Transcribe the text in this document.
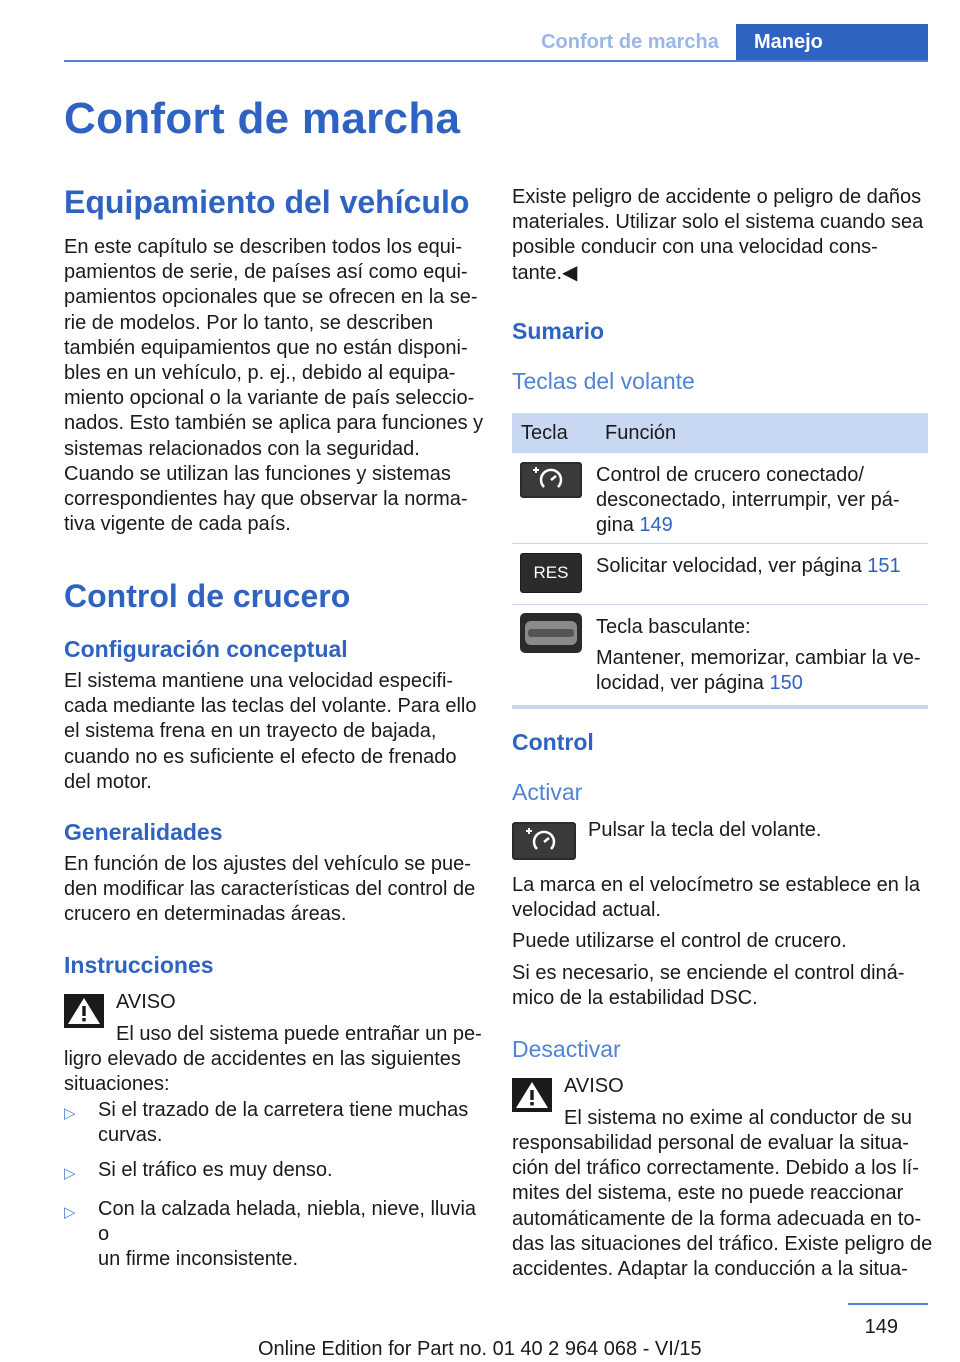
Confort de marcha	Manejo
Confort de marcha
Equipamiento del vehículo
En este capítulo se describen todos los equi‐
pamientos de serie, de países así como equi‐
pamientos opcionales que se ofrecen en la se‐
rie de modelos. Por lo tanto, se describen
también equipamientos que no están disponi‐
bles en un vehículo, p. ej., debido al equipa‐
miento opcional o la variante de país seleccio‐
nados. Esto también se aplica para funciones y
sistemas relacionados con la seguridad.
Cuando se utilizan las funciones y sistemas
correspondientes hay que observar la norma‐
tiva vigente de cada país.
Control de crucero
Configuración conceptual
El sistema mantiene una velocidad especifi‐
cada mediante las teclas del volante. Para ello
el sistema frena en un trayecto de bajada,
cuando no es suficiente el efecto de frenado
del motor.
Generalidades
En función de los ajustes del vehículo se pue‐
den modificar las características del control de
crucero en determinadas áreas.
Instrucciones
AVISO
El uso del sistema puede entrañar un pe‐
ligro elevado de accidentes en las siguientes
situaciones:
▷	Si el trazado de la carretera tiene muchas
curvas.
▷	Si el tráfico es muy denso.
▷	Con la calzada helada, niebla, nieve, lluvia o
un firme inconsistente.
Existe peligro de accidente o peligro de daños
materiales. Utilizar solo el sistema cuando sea
posible conducir con una velocidad cons‐
tante.◀
Sumario
Teclas del volante
Tecla	Función
Control de crucero conectado/
desconectado, interrumpir, ver pá‐
gina 149
RES	Solicitar velocidad, ver página 151
Tecla basculante:
Mantener, memorizar, cambiar la ve‐
locidad, ver página 150
Control
Activar
Pulsar la tecla del volante.
La marca en el velocímetro se establece en la
velocidad actual.
Puede utilizarse el control de crucero.
Si es necesario, se enciende el control diná‐
mico de la estabilidad DSC.
Desactivar
AVISO
El sistema no exime al conductor de su
responsabilidad personal de evaluar la situa‐
ción del tráfico correctamente. Debido a los lí‐
mites del sistema, este no puede reaccionar
automáticamente de la forma adecuada en to‐
das las situaciones del tráfico. Existe peligro de
accidentes. Adaptar la conducción a la situa‐
149
Online Edition for Part no. 01 40 2 964 068 - VI/15
